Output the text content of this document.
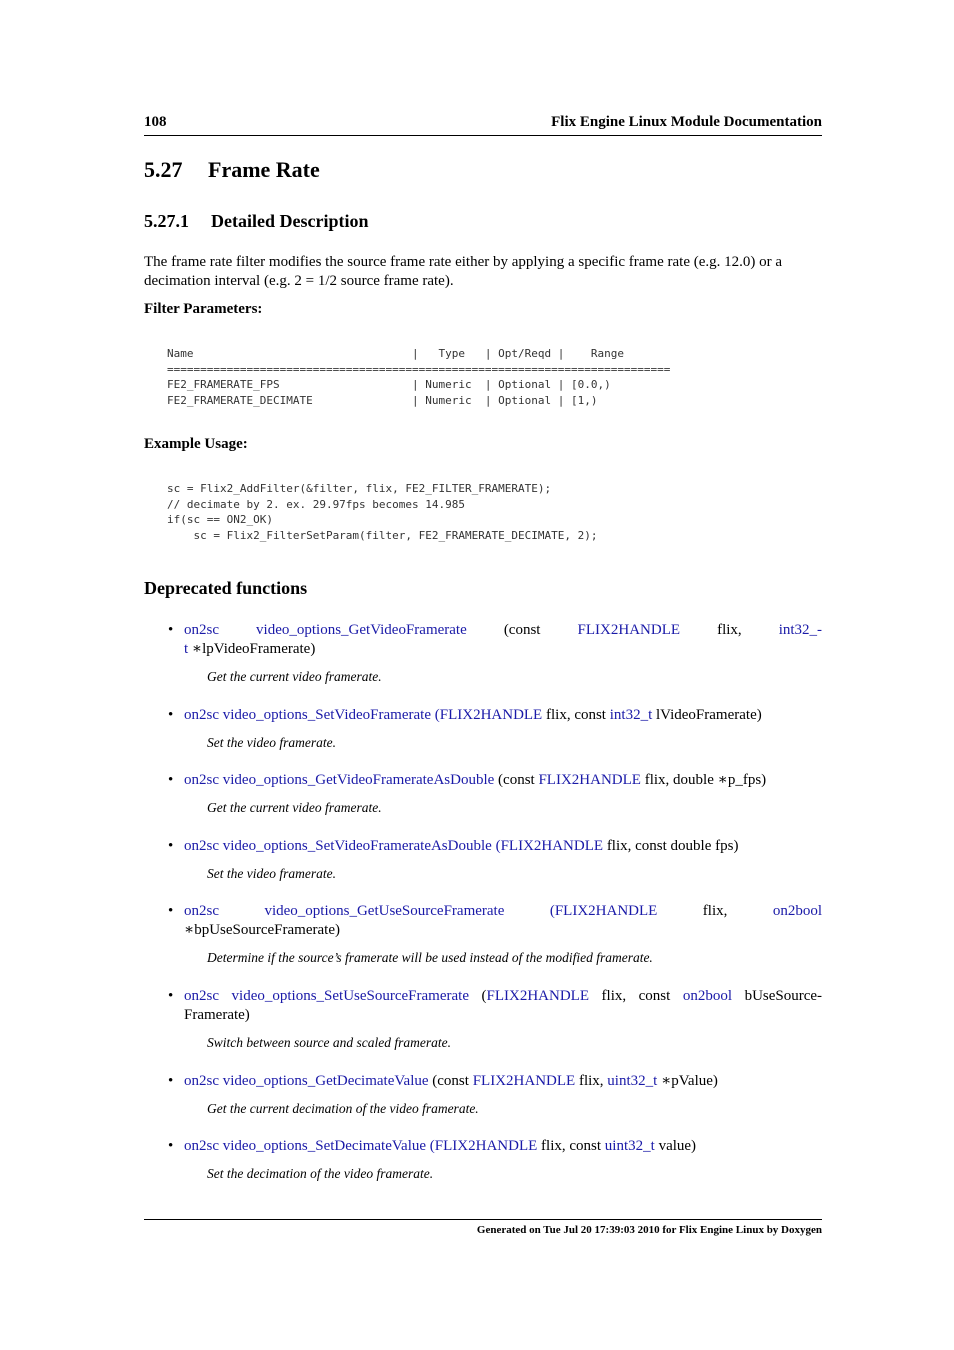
108	Flix Engine Linux Module Documentation
5.27 Frame Rate
5.27.1 Detailed Description
The frame rate filter modifies the source frame rate either by applying a specific frame rate (e.g. 12.0) or a decimation interval (e.g. 2 = 1/2 source frame rate).
Filter Parameters:
Name                                 |   Type   | Opt/Reqd |    Range
============================================================================
FE2_FRAMERATE_FPS                    | Numeric  | Optional | [0.0,)
FE2_FRAMERATE_DECIMATE               | Numeric  | Optional | [1,)
Example Usage:
sc = Flix2_AddFilter(&filter, flix, FE2_FILTER_FRAMERATE);
// decimate by 2. ex. 29.97fps becomes 14.985
if(sc == ON2_OK)
sc = Flix2_FilterSetParam(filter, FE2_FRAMERATE_DECIMATE, 2);
Deprecated functions
• on2sc video_options_GetVideoFramerate (const FLIX2HANDLE flix, int32_-
t ∗lpVideoFramerate)
Get the current video framerate.
• on2sc video_options_SetVideoFramerate (FLIX2HANDLE flix, const int32_t lVideoFramerate)
Set the video framerate.
• on2sc video_options_GetVideoFramerateAsDouble (const FLIX2HANDLE flix, double ∗p_fps)
Get the current video framerate.
• on2sc video_options_SetVideoFramerateAsDouble (FLIX2HANDLE flix, const double fps)
Set the video framerate.
• on2sc	video_options_GetUseSourceFramerate	(FLIX2HANDLE	flix,	on2bool
∗bpUseSourceFramerate)
Determine if the source’s framerate will be used instead of the modified framerate.
• on2sc video_options_SetUseSourceFramerate (FLIX2HANDLE flix, const on2bool bUseSource-
Framerate)
Switch between source and scaled framerate.
• on2sc video_options_GetDecimateValue (const FLIX2HANDLE flix, uint32_t ∗pValue)
Get the current decimation of the video framerate.
• on2sc video_options_SetDecimateValue (FLIX2HANDLE flix, const uint32_t value)
Set the decimation of the video framerate.
Generated on Tue Jul 20 17:39:03 2010 for Flix Engine Linux by Doxygen
